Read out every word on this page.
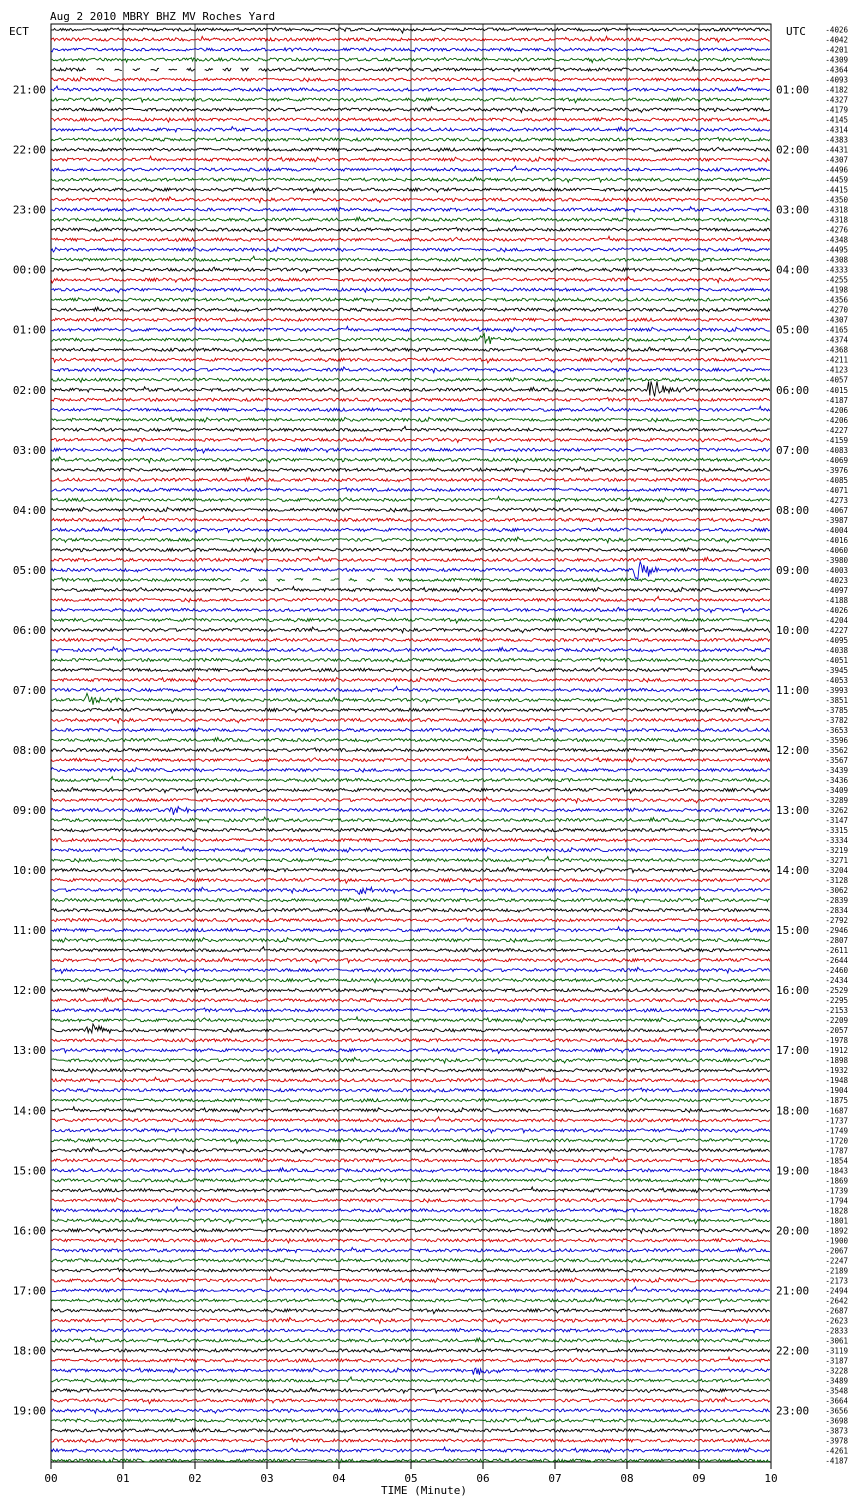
Aug 2 2010 MBRY BHZ MV Roches Yard
ECT	UTC
TIME (Minute)
00	01	02	03	04	05	06	07	08	09	10
21:00
22:00
23:00
00:00
01:00
02:00
03:00
04:00
05:00
06:00
07:00
08:00
09:00
10:00
11:00
12:00
13:00
14:00
15:00
16:00
17:00
18:00
19:00
01:00
02:00
03:00
04:00
05:00
06:00
07:00
08:00
09:00
10:00
11:00
12:00
13:00
14:00
15:00
16:00
17:00
18:00
19:00
20:00
21:00
22:00
23:00
-4026
-4042
-4201
-4309
-4364
-4093
-4182
-4327
-4179
-4145
-4314
-4383
-4431
-4307
-4496
-4459
-4415
-4350
-4318
-4318
-4276
-4348
-4495
-4308
-4333
-4255
-4198
-4356
-4270
-4307
-4165
-4374
-4368
-4211
-4123
-4057
-4015
-4187
-4206
-4206
-4227
-4159
-4083
-4069
-3976
-4085
-4071
-4273
-4067
-3987
-4004
-4016
-4060
-3980
-4003
-4023
-4097
-4188
-4026
-4204
-4227
-4095
-4038
-4051
-3945
-4053
-3993
-3851
-3785
-3782
-3653
-3596
-3562
-3567
-3439
-3436
-3409
-3289
-3262
-3147
-3315
-3334
-3219
-3271
-3204
-3128
-3062
-2839
-2834
-2792
-2946
-2807
-2611
-2644
-2460
-2434
-2529
-2295
-2153
-2209
-2057
-1978
-1912
-1898
-1932
-1948
-1904
-1875
-1687
-1737
-1749
-1720
-1787
-1854
-1843
-1869
-1739
-1794
-1828
-1801
-1892
-1900
-2067
-2247
-2189
-2173
-2494
-2642
-2687
-2623
-2833
-3061
-3119
-3187
-3228
-3489
-3548
-3664
-3656
-3698
-3873
-3978
-4261
-4187
